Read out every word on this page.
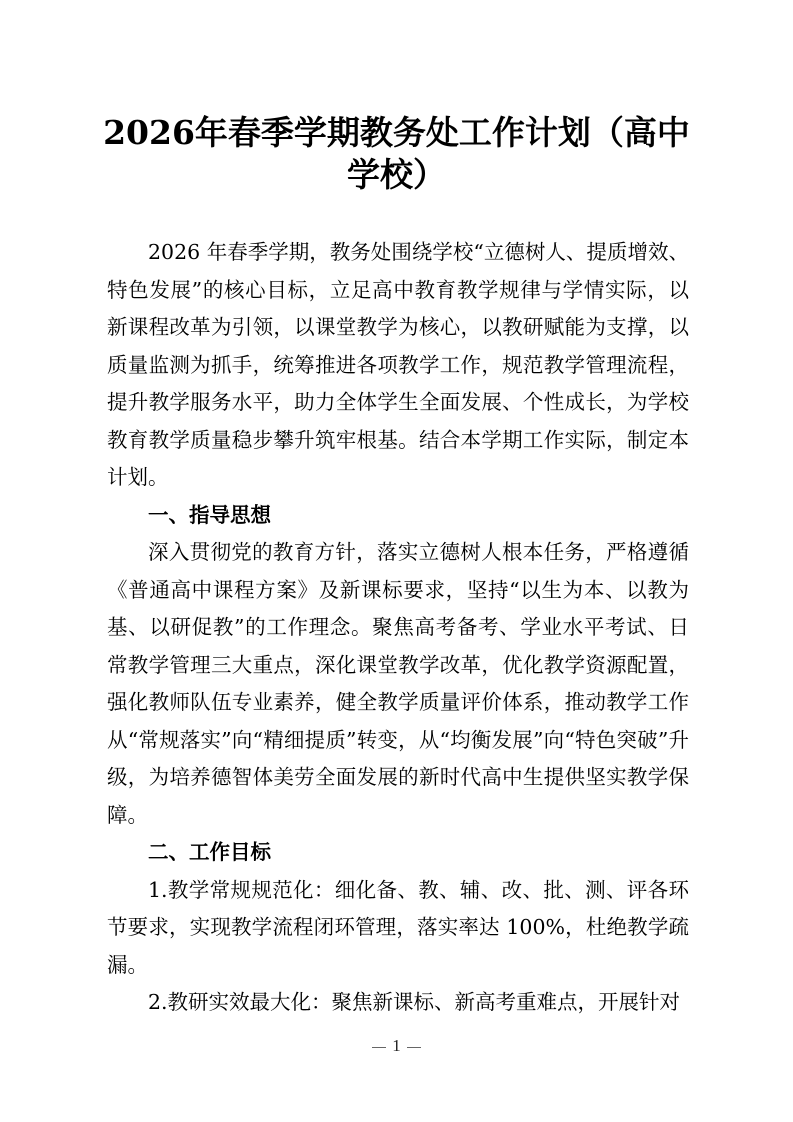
2026年春季学期教务处工作计划（高中学校）

2026 年春季学期，教务处围绕学校“立德树人、提质增效、特色发展”的核心目标，立足高中教育教学规律与学情实际，以新课程改革为引领，以课堂教学为核心，以教研赋能为支撑，以质量监测为抓手，统筹推进各项教学工作，规范教学管理流程，提升教学服务水平，助力全体学生全面发展、个性成长，为学校教育教学质量稳步攀升筑牢根基。结合本学期工作实际，制定本计划。

一、指导思想

深入贯彻党的教育方针，落实立德树人根本任务，严格遵循《普通高中课程方案》及新课标要求，坚持“以生为本、以教为基、以研促教”的工作理念。聚焦高考备考、学业水平考试、日常教学管理三大重点，深化课堂教学改革，优化教学资源配置，强化教师队伍专业素养，健全教学质量评价体系，推动教学工作从“常规落实”向“精细提质”转变，从“均衡发展”向“特色突破”升级，为培养德智体美劳全面发展的新时代高中生提供坚实教学保障。

二、工作目标

1.教学常规规范化：细化备、教、辅、改、批、测、评各环节要求，实现教学流程闭环管理，落实率达 100%，杜绝教学疏漏。

2.教研实效最大化：聚焦新课标、新高考重难点，开展针对

1
